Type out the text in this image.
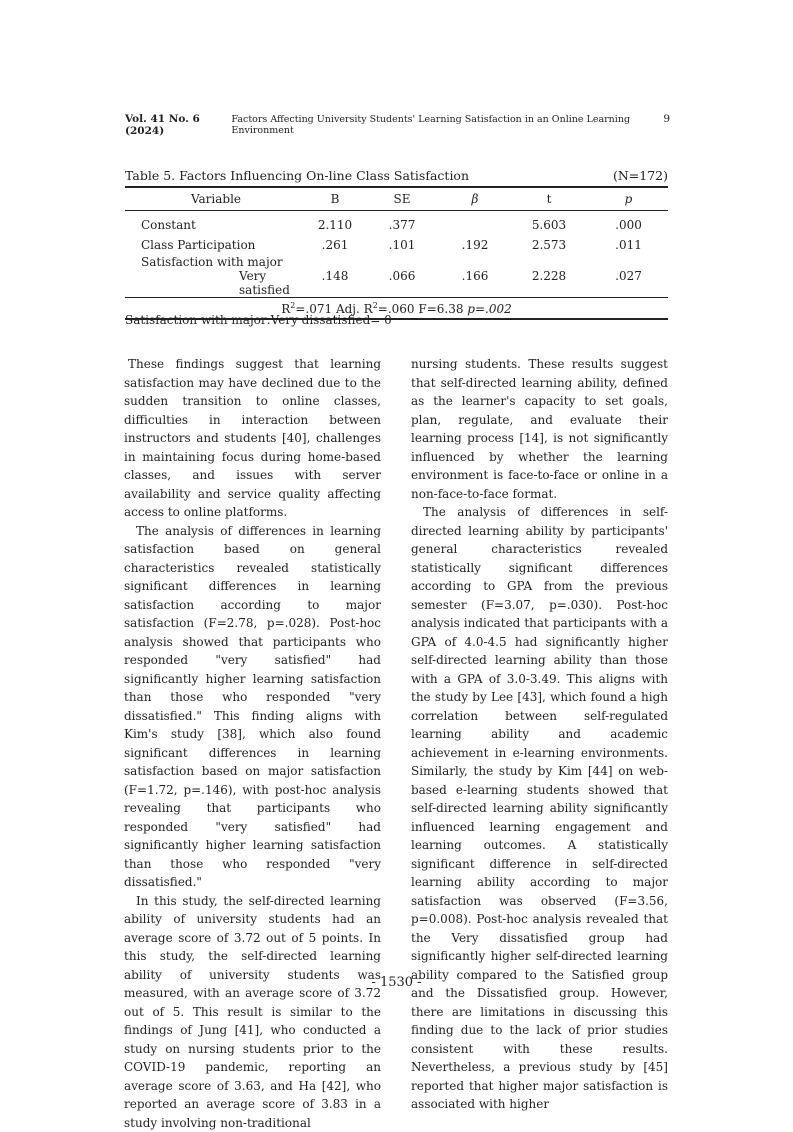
Vol. 41 No. 6 (2024)
Factors Affecting University Students' Learning Satisfaction in an Online Learning Environment
9
Table 5. Factors Influencing On-line Class Satisfaction	(N=172)
Variable	B	SE	β	t	p
Constant	2.110	.377		5.603	.000
Class Participation	.261	.101	.192	2.573	.011
Satisfaction with major
Very satisfied	.148	.066	.166	2.228	.027
$R^2=.071$ Adj. $R^2=.060$ F=6.38 p=.002					
Satisfaction with major:Very dissatisfied= 0

These findings suggest that learning satisfaction may have declined due to the sudden transition to online classes, difficulties in interaction between instructors and students [40], challenges in maintaining focus during home-based classes, and issues with server availability and service quality affecting access to online platforms.

The analysis of differences in learning satisfaction based on general characteristics revealed statistically significant differences in learning satisfaction according to major satisfaction (F=2.78, p=.028). Post-hoc analysis showed that participants who responded "very satisfied" had significantly higher learning satisfaction than those who responded "very dissatisfied." This finding aligns with Kim's study [38], which also found significant differences in learning satisfaction based on major satisfaction (F=1.72, p=.146), with post-hoc analysis revealing that participants who responded "very satisfied" had significantly higher learning satisfaction than those who responded "very dissatisfied."

In this study, the self-directed learning ability of university students had an average score of 3.72 out of 5 points. In this study, the self-directed learning ability of university students was measured, with an average score of 3.72 out of 5. This result is similar to the findings of Jung [41], who conducted a study on nursing students prior to the COVID-19 pandemic, reporting an average score of 3.63, and Ha [42], who reported an average score of 3.83 in a study involving non-traditional

nursing students. These results suggest that self-directed learning ability, defined as the learner's capacity to set goals, plan, regulate, and evaluate their learning process [14], is not significantly influenced by whether the learning environment is face-to-face or online in a non-face-to-face format.

The analysis of differences in self-directed learning ability by participants' general characteristics revealed statistically significant differences according to GPA from the previous semester (F=3.07, p=.030). Post-hoc analysis indicated that participants with a GPA of 4.0-4.5 had significantly higher self-directed learning ability than those with a GPA of 3.0-3.49. This aligns with the study by Lee [43], which found a high correlation between self-regulated learning ability and academic achievement in e-learning environments. Similarly, the study by Kim [44] on web-based e-learning students showed that self-directed learning ability significantly influenced learning engagement and learning outcomes. A statistically significant difference in self-directed learning ability according to major satisfaction was observed (F=3.56, p=0.008). Post-hoc analysis revealed that the Very dissatisfied group had significantly higher self-directed learning ability compared to the Satisfied group and the Dissatisfied group. However, there are limitations in discussing this finding due to the lack of prior studies consistent with these results. Nevertheless, a previous study by [45] reported that higher major satisfaction is associated with higher

- 1530 -
